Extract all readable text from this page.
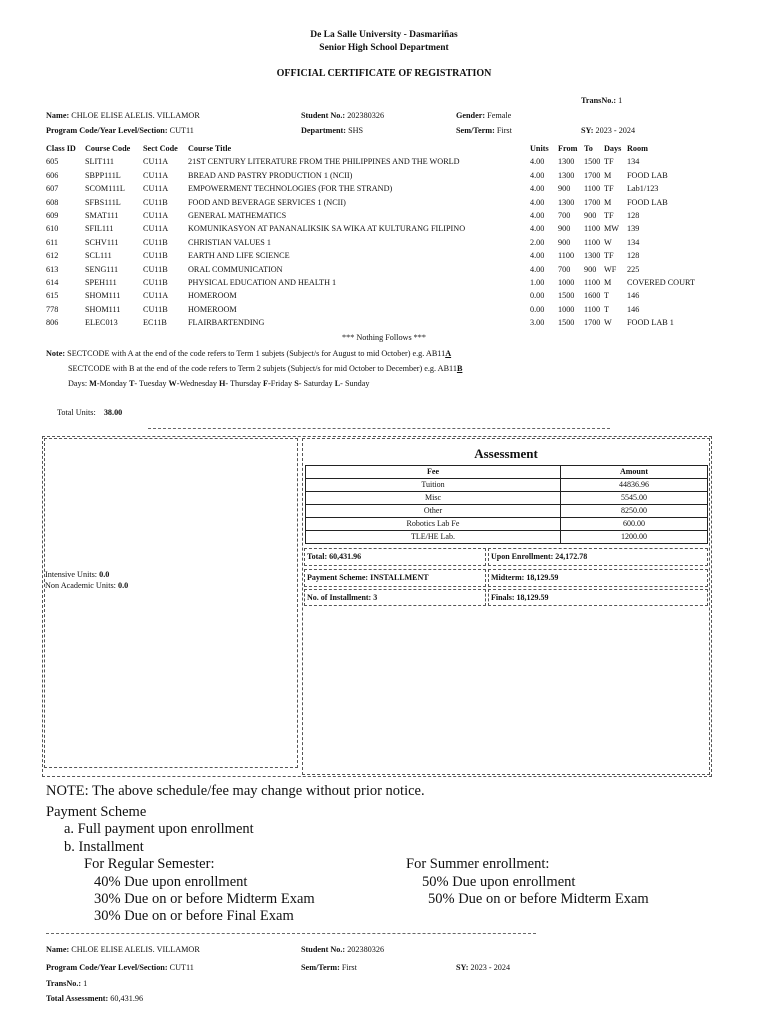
De La Salle University - Dasmariñas
Senior High School Department
OFFICIAL CERTIFICATE OF REGISTRATION
TransNo.: 1
Name: CHLOE ELISE ALELIS. VILLAMOR	Student No.: 202380326	Gender: Female
Program Code/Year Level/Section: CUT11	Department: SHS	Sem/Term: First	SY: 2023 - 2024
Class ID Course Code Sect Code Course Title	Units From To Days Room
605	SLIT111	CU11A 21ST CENTURY LITERATURE FROM THE PHILIPPINES AND THE WORLD	4.00 1300 1500 TF 134
606	SBPP111L	CU11A BREAD AND PASTRY PRODUCTION 1 (NCII)	4.00 1300 1700 M FOOD LAB
607	SCOM111L CU11A EMPOWERMENT TECHNOLOGIES (FOR THE STRAND)	4.00 900 1100 TF Lab1/123
608	SFBS111L	CU11B FOOD AND BEVERAGE SERVICES 1 (NCII)	4.00 1300 1700 M FOOD LAB
609	SMAT111	CU11A GENERAL MATHEMATICS	4.00 700 900 TF 128
610	SFIL111	CU11A KOMUNIKASYON AT PANANALIKSIK SA WIKA AT KULTURANG FILIPINO	4.00 900 1100 MW 139
611	SCHV111	CU11B CHRISTIAN VALUES 1	2.00 900 1100 W 134
612	SCL111	CU11B EARTH AND LIFE SCIENCE	4.00 1100 1300 TF 128
613	SENG111	CU11B ORAL COMMUNICATION	4.00 700 900 WF 225
614	SPEH111	CU11B PHYSICAL EDUCATION AND HEALTH 1	1.00 1000 1100 M COVERED COURT
615	SHOM111	CU11A HOMEROOM	0.00 1500 1600 T 146
778	SHOM111	CU11B HOMEROOM	0.00 1000 1100 T 146
806	ELEC013	EC11B	FLAIRBARTENDING	3.00 1500 1700 W FOOD LAB 1
*** Nothing Follows ***
Note: SECTCODE with A at the end of the code refers to Term 1 subjets (Subject/s for August to mid October) e.g. AB11A
SECTCODE with B at the end of the code refers to Term 2 subjets (Subject/s for mid October to December) e.g. AB11B
Days: M-Monday T- Tuesday W-Wednesday H- Thursday F-Friday S- Saturday L- Sunday
Total Units: 38.00
Intensive Units: 0.0
Non Academic Units: 0.0
Assessment
Fee	Amount
Tuition	44836.96
Misc	5545.00
Other	8250.00
Robotics Lab Fe	600.00
TLE/HE Lab.	1200.00
Total: 60,431.96	Upon Enrollment: 24,172.78
Payment Scheme: INSTALLMENT	Midterm: 18,129.59
No. of Installment: 3	Finals: 18,129.59
NOTE: The above schedule/fee may change without prior notice.
Payment Scheme
a. Full payment upon enrollment
b. Installment
For Regular Semester:
40% Due upon enrollment
30% Due on or before Midterm Exam
30% Due on or before Final Exam
For Summer enrollment:
50% Due upon enrollment
50% Due on or before Midterm Exam
Name: CHLOE ELISE ALELIS. VILLAMOR	Student No.: 202380326
Program Code/Year Level/Section: CUT11	Sem/Term: First	SY: 2023 - 2024
TransNo.: 1
Total Assessment: 60,431.96
